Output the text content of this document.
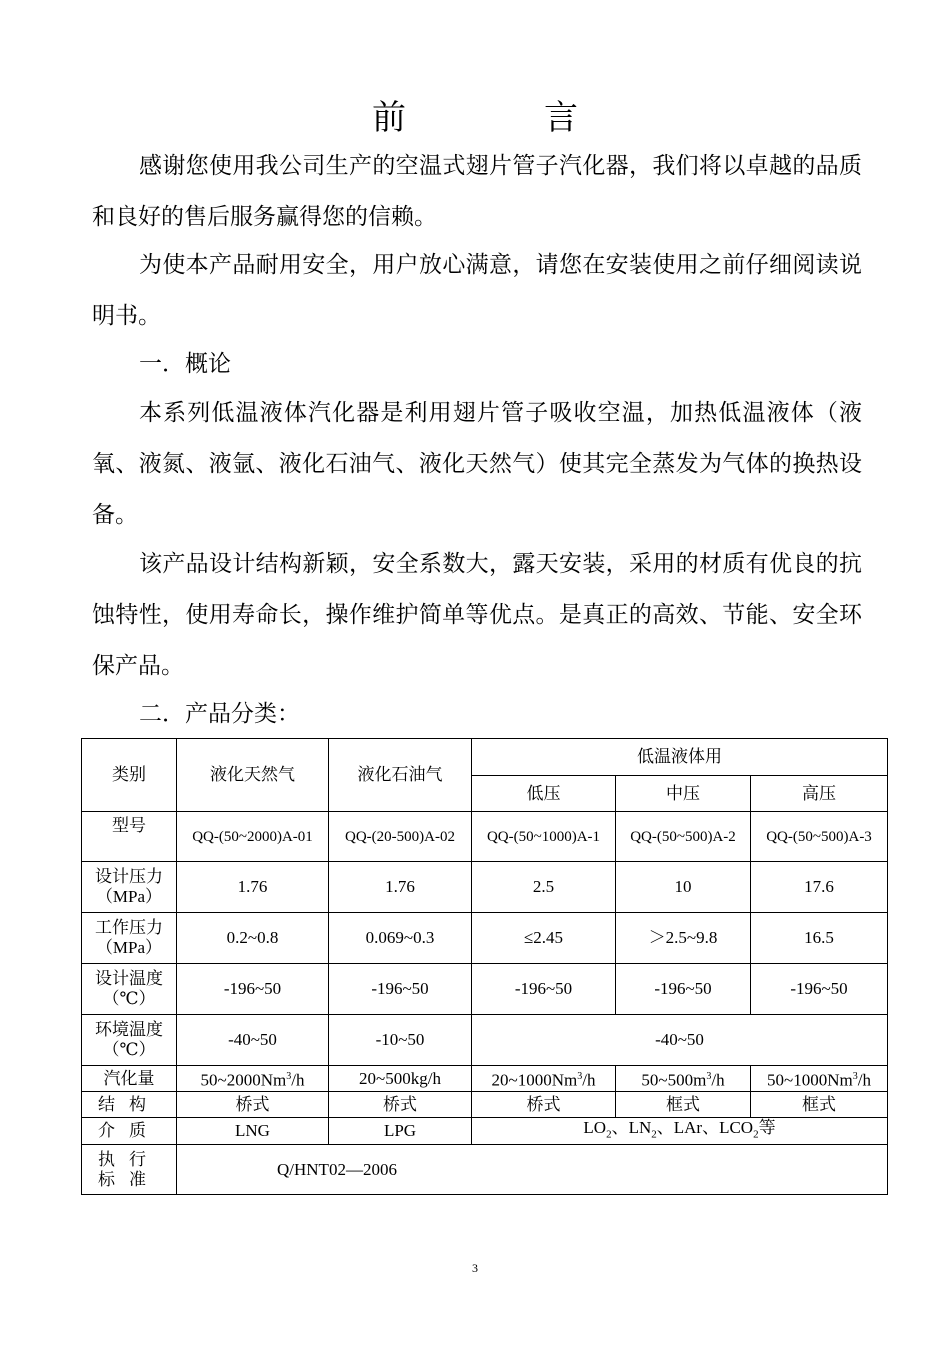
前　言

感谢您使用我公司生产的空温式翅片管子汽化器，我们将以卓越的品质和良好的售后服务赢得您的信赖。

为使本产品耐用安全，用户放心满意，请您在安装使用之前仔细阅读说明书。

一．概论

本系列低温液体汽化器是利用翅片管子吸收空温，加热低温液体（液氧、液氮、液氩、液化石油气、液化天然气）使其完全蒸发为气体的换热设备。

该产品设计结构新颖，安全系数大，露天安装，采用的材质有优良的抗蚀特性，使用寿命长，操作维护简单等优点。是真正的高效、节能、安全环保产品。

二．产品分类：

类别	液化天然气	液化石油气	低温液体用		
			低压	中压	高压
型号	QQ-(50~2000)A-01	QQ-(20-500)A-02	QQ-(50~1000)A-1	QQ-(50~500)A-2	QQ-(50~500)A-3
设计压力
（MPa）	1.76	1.76	2.5	10	17.6
工作压力
（MPa）	0.2~0.8	0.069~0.3	≤2.45	＞2.5~9.8	16.5
设计温度
（℃）	-196~50	-196~50	-196~50	-196~50	-196~50
环境温度
（℃）	-40~50	-10~50	-40~50		
汽化量	50~2000Nm$^3$/h	20~500kg/h	20~1000Nm$^3$/h	$50\sim 500m^3/h$	50~1000Nm$^3$/h
结构	桥式	桥式	桥式	框式	框式
介质	LNG	LPG	$LO_2$、$LN_2$、LAr、$LCO_2$等		
执行
标准	Q/HNT02—2006				
3
